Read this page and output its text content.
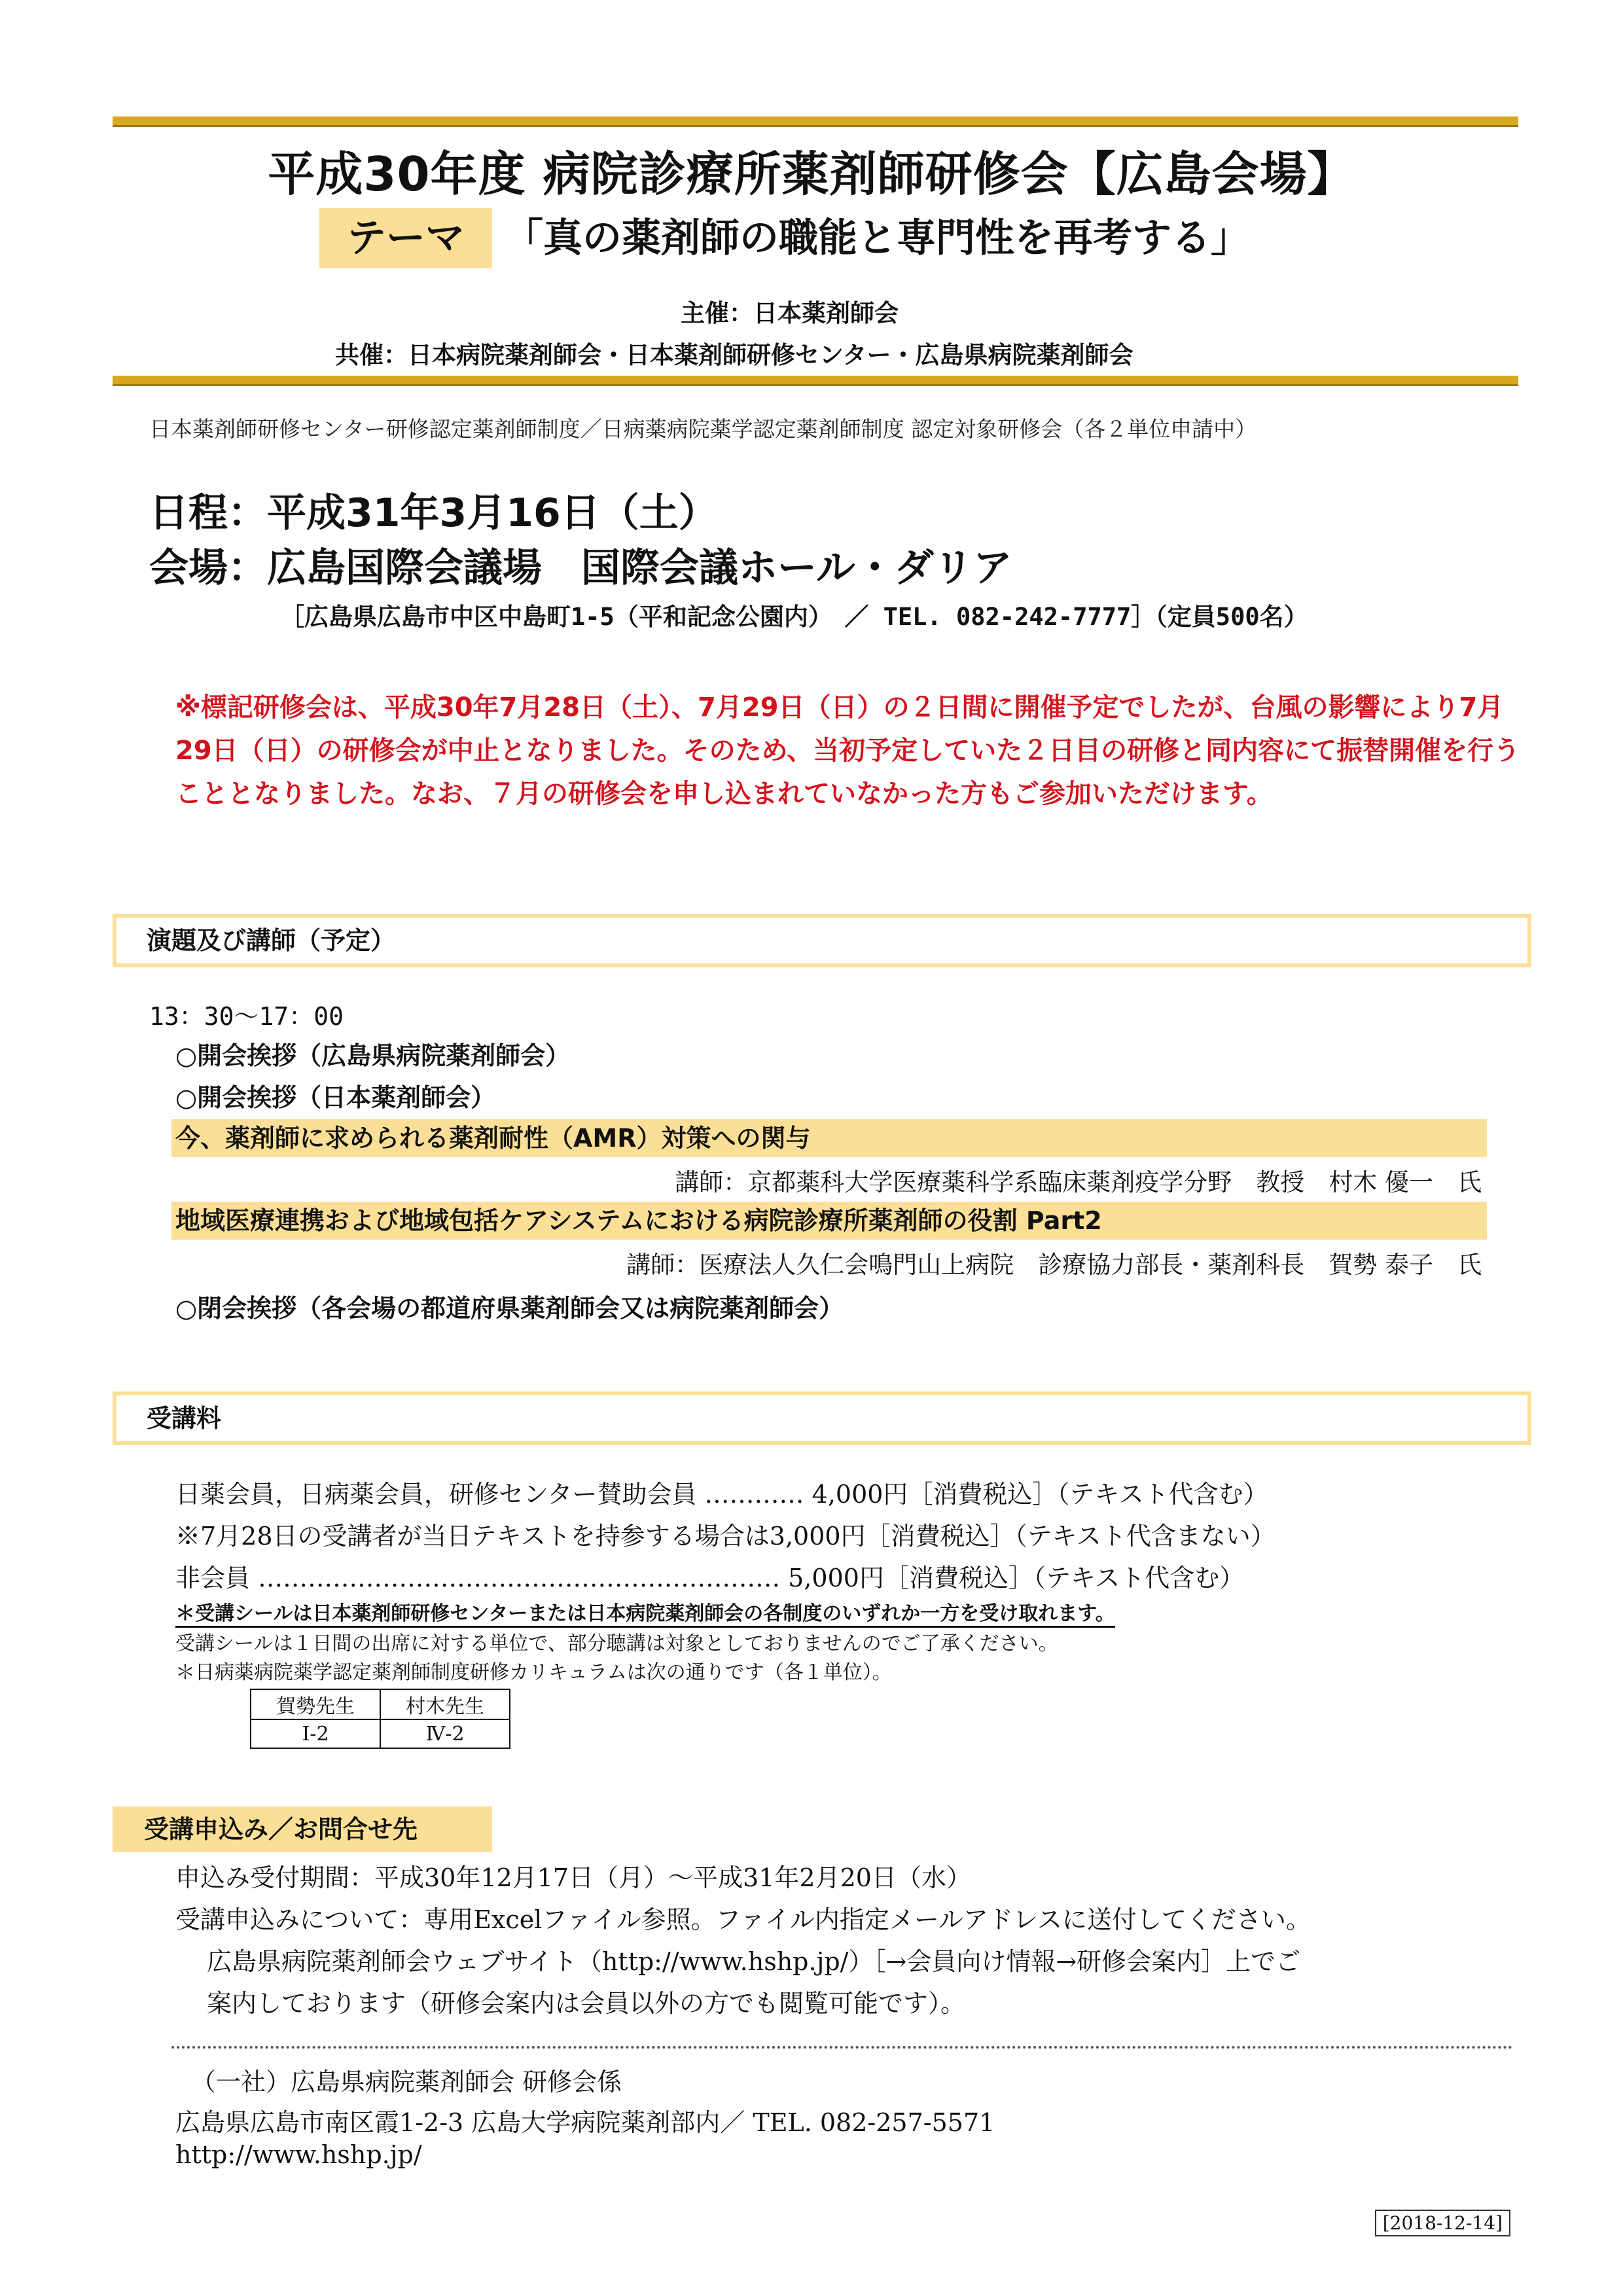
平成30年度 病院診療所薬剤師研修会【広島会場】
テーマ	「真の薬剤師の職能と専門性を再考する」
主催：日本薬剤師会
共催：日本病院薬剤師会・日本薬剤師研修センター・広島県病院薬剤師会
日本薬剤師研修センター研修認定薬剤師制度／日病薬病院薬学認定薬剤師制度 認定対象研修会（各２単位申請中）
日程：平成31年3月16日（土）
会場：広島国際会議場　国際会議ホール・ダリア
［広島県広島市中区中島町1-5（平和記念公園内）　／ TEL. 082-242-7777］（定員500名）
※標記研修会は、平成30年7月28日（土）、7月29日（日）の２日間に開催予定でしたが、台風の影響により7月29日（日）の研修会が中止となりました。そのため、当初予定していた２日目の研修と同内容にて振替開催を行うこととなりました。なお、７月の研修会を申し込まれていなかった方もご参加いただけます。
演題及び講師（予定）
13：30〜17：00
○開会挨拶（広島県病院薬剤師会）
○開会挨拶（日本薬剤師会）
今、薬剤師に求められる薬剤耐性（AMR）対策への関与
講師：京都薬科大学医療薬科学系臨床薬剤疫学分野　教授　村木 優一　氏
地域医療連携および地域包括ケアシステムにおける病院診療所薬剤師の役割 Part2
講師：医療法人久仁会鳴門山上病院　診療協力部長・薬剤科長　賀勢 泰子　氏
○閉会挨拶（各会場の都道府県薬剤師会又は病院薬剤師会）
受講料
日薬会員，日病薬会員，研修センター賛助会員 ………… 4,000円［消費税込］（テキスト代含む）
※7月28日の受講者が当日テキストを持参する場合は3,000円［消費税込］（テキスト代含まない）
非会員 ……………………………………………………… 5,000円［消費税込］（テキスト代含む）
＊受講シールは日本薬剤師研修センターまたは日本病院薬剤師会の各制度のいずれか一方を受け取れます。
受講シールは１日間の出席に対する単位で、部分聴講は対象としておりませんのでご了承ください。
＊日病薬病院薬学認定薬剤師制度研修カリキュラムは次の通りです（各１単位）。
賀勢先生	村木先生
Ⅰ-2	Ⅳ-2
受講申込み／お問合せ先
申込み受付期間：平成30年12月17日（月）〜平成31年2月20日（水）
受講申込みについて：専用Excelファイル参照。ファイル内指定メールアドレスに送付してください。
広島県病院薬剤師会ウェブサイト（http://www.hshp.jp/）［→会員向け情報→研修会案内］上でご
案内しております（研修会案内は会員以外の方でも閲覧可能です）。
（一社）広島県病院薬剤師会 研修会係
広島県広島市南区霞1-2-3 広島大学病院薬剤部内／ TEL. 082-257-5571
http://www.hshp.jp/
[2018-12-14]
